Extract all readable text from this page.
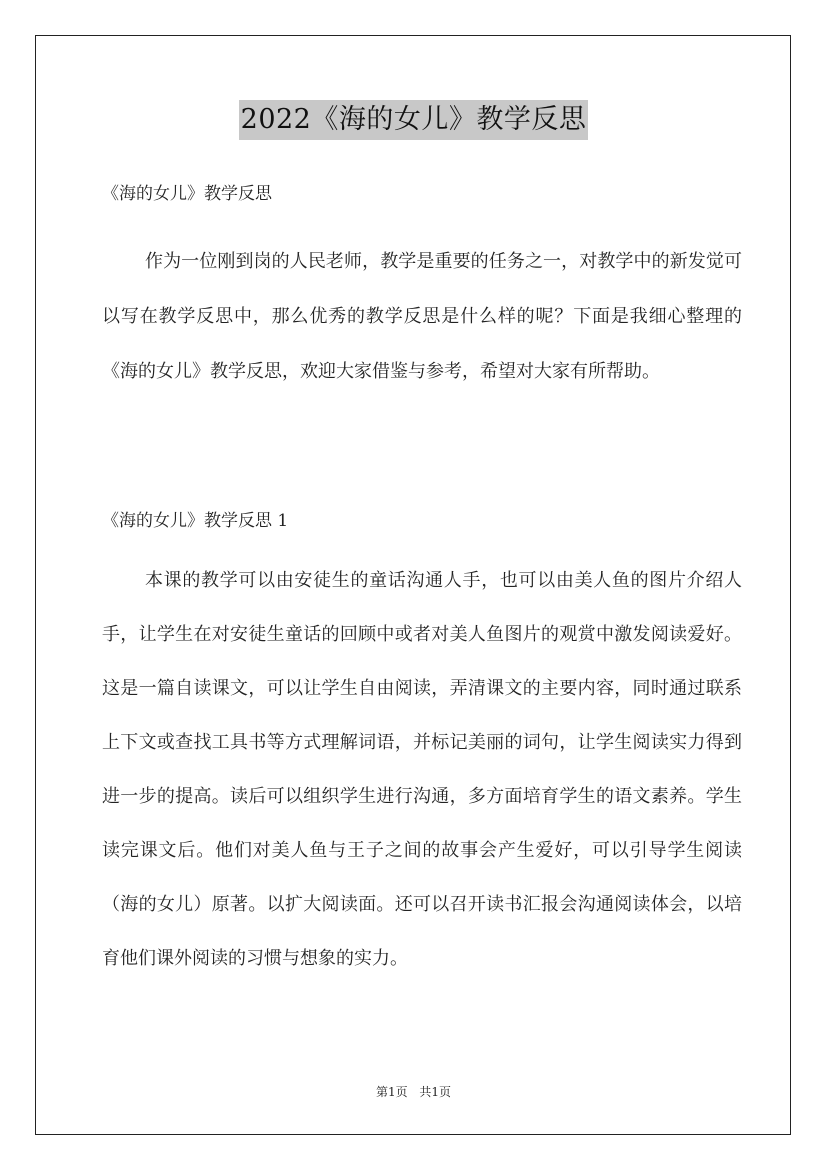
2022《海的女儿》教学反思
《海的女儿》教学反思

作为一位刚到岗的人民老师，教学是重要的任务之一，对教学中的新发觉可以写在教学反思中，那么优秀的教学反思是什么样的呢？下面是我细心整理的《海的女儿》教学反思，欢迎大家借鉴与参考，希望对大家有所帮助。

《海的女儿》教学反思 1

本课的教学可以由安徒生的童话沟通人手，也可以由美人鱼的图片介绍人手，让学生在对安徒生童话的回顾中或者对美人鱼图片的观赏中激发阅读爱好。这是一篇自读课文，可以让学生自由阅读，弄清课文的主要内容，同时通过联系上下文或查找工具书等方式理解词语，并标记美丽的词句，让学生阅读实力得到进一步的提高。读后可以组织学生进行沟通，多方面培育学生的语文素养。学生读完课文后。他们对美人鱼与王子之间的故事会产生爱好，可以引导学生阅读（海的女儿）原著。以扩大阅读面。还可以召开读书汇报会沟通阅读体会，以培育他们课外阅读的习惯与想象的实力。

第1页 共1页
